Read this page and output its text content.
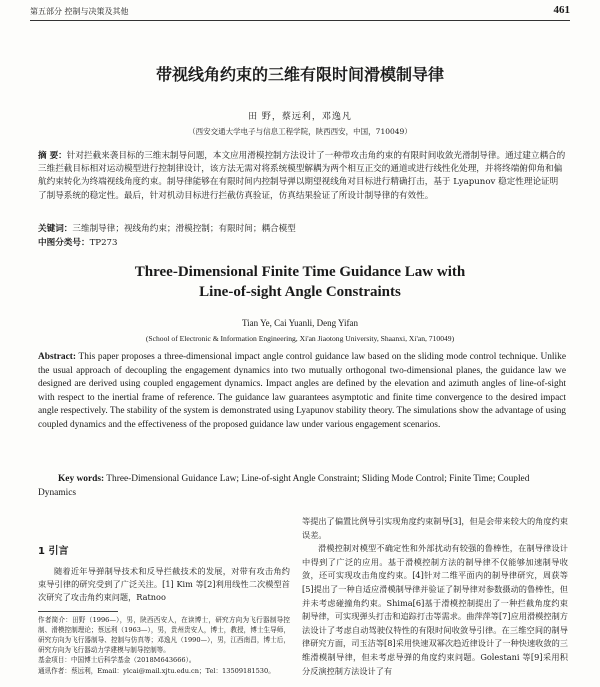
第五部分 控制与决策及其他	461
带视线角约束的三维有限时间滑模制导律
田 野，蔡远利，邓逸凡
（西安交通大学电子与信息工程学院，陕西西安，中国，710049）
摘 要：针对拦截来袭目标的三维末制导问题，本文应用滑模控制方法设计了一种带攻击角约束的有限时间收敛光滑制导律。通过建立耦合的三维拦截目标相对运动模型进行控制律设计，该方法无需对将系统模型解耦为两个相互正交的通道或进行线性化处理，并将终端俯仰角和偏航约束转化为终端视线角度约束。制导律能够在有限时间内控制导弹以期望视线角对目标进行精确打击，基于 Lyapunov 稳定性理论证明了制导系统的稳定性。最后，针对机动目标进行拦截仿真验证，仿真结果验证了所设计制导律的有效性。
关键词：三维制导律；视线角约束；滑模控制；有限时间；耦合模型
中图分类号：TP273
Three-Dimensional Finite Time Guidance Law with
Line-of-sight Angle Constraints
Tian Ye, Cai Yuanli, Deng Yifan
(School of Electronic & Information Engineering, Xi'an Jiaotong University, Shaanxi, Xi'an, 710049)
Abstract: This paper proposes a three-dimensional impact angle control guidance law based on the sliding mode control technique. Unlike the usual approach of decoupling the engagement dynamics into two mutually orthogonal two-dimensional planes, the guidance law we designed are derived using coupled engagement dynamics. Impact angles are defined by the elevation and azimuth angles of line-of-sight with respect to the inertial frame of reference. The guidance law guarantees asymptotic and finite time convergence to the desired impact angle respectively. The stability of the system is demonstrated using Lyapunov stability theory. The simulations show the advantage of using coupled dynamics and the effectiveness of the proposed guidance law under various engagement scenarios.
Key words: Three-Dimensional Guidance Law; Line-of-sight Angle Constraint; Sliding Mode Control; Finite Time; Coupled Dynamics
1 引言

随着近年导弹制导技术和反导拦截技术的发展，对带有攻击角约束导引律的研究受到了广泛关注。[1] Kim 等[2]利用线性二次模型首次研究了攻击角约束问题，Ratnoo

作者简介：田野（1996—），男，陕西西安人，在读博士，研究方向为飞行器制导控制、滑模控制理论；蔡远利（1963—），男，贵州贵安人，博士，教授，博士生导师，研究方向为飞行器制导、控制与仿真等；邓逸凡（1990—），男，江西南昌，博士后，研究方向为飞行器动力学建模与制导控制等。

基金项目：中国博士后科学基金（2018M643666）。

通讯作者：蔡远利，Email：ylcai@mail.xjtu.edu.cn；Tel：13509181530。

等提出了偏置比例导引实现角度约束制导[3]，但是会带来较大的角度约束误差。

滑模控制对模型不确定性和外部扰动有较强的鲁棒性，在制导律设计中得到了广泛的应用。基于滑模控制方法的制导律不仅能够加速制导收敛，还可实现攻击角度约束。[4]针对二维平面内的制导律研究，周获等[5]提出了一种自适应滑模制导律并验证了制导律对参数摄动的鲁棒性，但并未考虑碰撞角约束。Shima[6]基于滑模控制提出了一种拦截角度约束制导律，可实现弹头打击和追踪打击等需求。曲萍萍等[7]应用滑模控制方法设计了考虑自动驾驶仪特性的有限时间收敛导引律。在三维空间的制导律研究方面，司玉洁等[8]采用快速双幂次趋近律设计了一种快速收敛的三维滑模制导律，但未考虑导弹的角度约束问题。Golestani 等[9]采用积分反演控制方法设计了有
